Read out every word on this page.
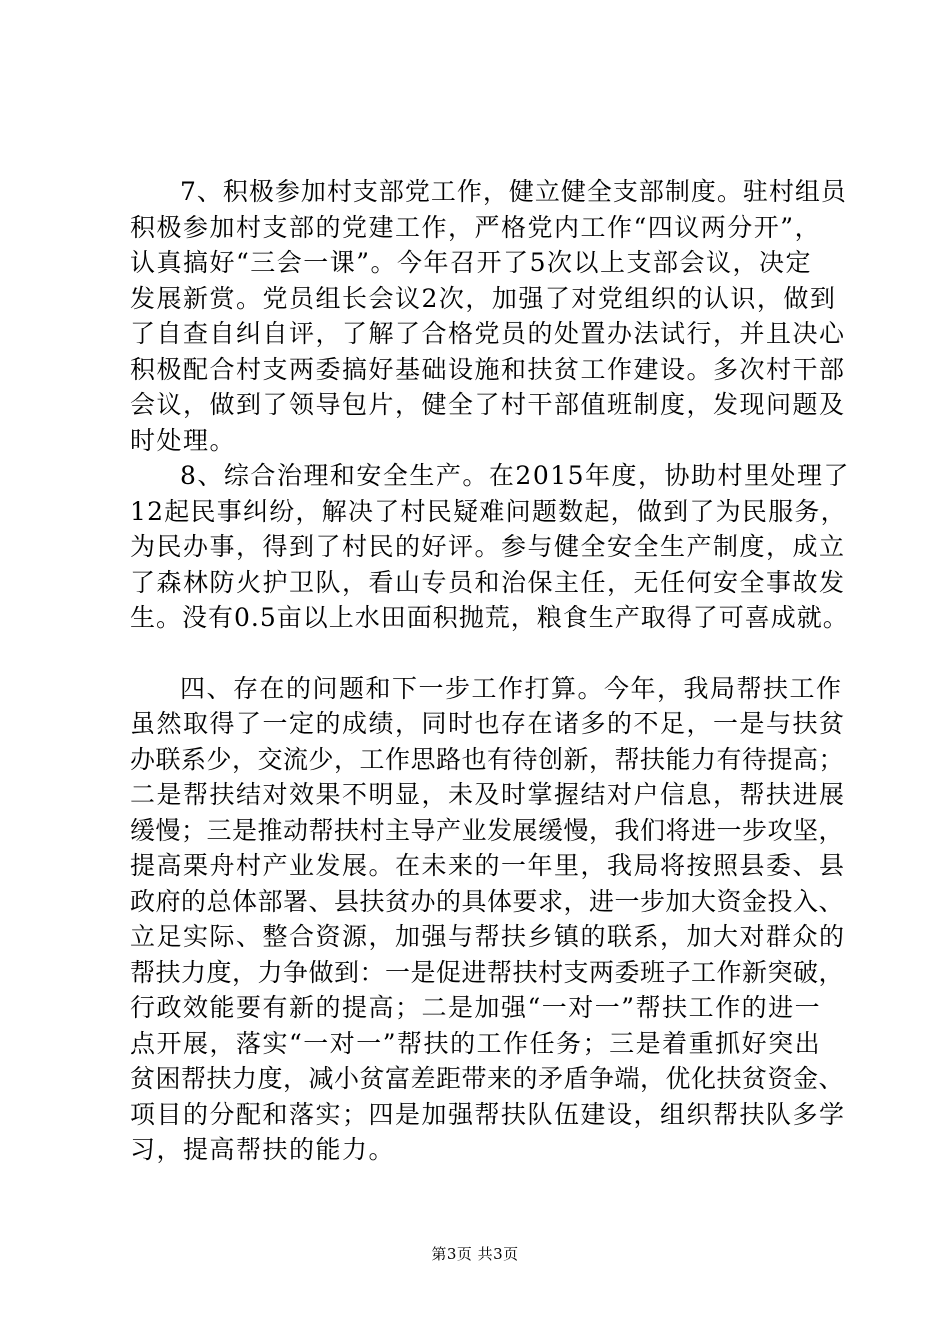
7、积极参加村支部党工作，健立健全支部制度。驻村组员
积极参加村支部的党建工作，严格党内工作“四议两分开”，
认真搞好“三会一课”。今年召开了5次以上支部会议，决定
发展新赏。党员组长会议2次，加强了对党组织的认识，做到
了自查自纠自评，了解了合格党员的处置办法试行，并且决心
积极配合村支两委搞好基础设施和扶贫工作建设。多次村干部
会议，做到了领导包片，健全了村干部值班制度，发现问题及
时处理。

8、综合治理和安全生产。在2015年度，协助村里处理了
12起民事纠纷，解决了村民疑难问题数起，做到了为民服务，
为民办事，得到了村民的好评。参与健全安全生产制度，成立
了森林防火护卫队，看山专员和治保主任，无任何安全事故发
生。没有0.5亩以上水田面积抛荒，粮食生产取得了可喜成就。

四、存在的问题和下一步工作打算。今年，我局帮扶工作
虽然取得了一定的成绩，同时也存在诸多的不足，一是与扶贫
办联系少，交流少，工作思路也有待创新，帮扶能力有待提高；
二是帮扶结对效果不明显，未及时掌握结对户信息，帮扶进展
缓慢；三是推动帮扶村主导产业发展缓慢，我们将进一步攻坚，
提高栗舟村产业发展。在未来的一年里，我局将按照县委、县
政府的总体部署、县扶贫办的具体要求，进一步加大资金投入、
立足实际、整合资源，加强与帮扶乡镇的联系，加大对群众的
帮扶力度，力争做到：一是促进帮扶村支两委班子工作新突破，
行政效能要有新的提高；二是加强“一对一”帮扶工作的进一
点开展，落实“一对一”帮扶的工作任务；三是着重抓好突出
贫困帮扶力度，减小贫富差距带来的矛盾争端，优化扶贫资金、
项目的分配和落实；四是加强帮扶队伍建设，组织帮扶队多学
习，提高帮扶的能力。

第3页 共3页
